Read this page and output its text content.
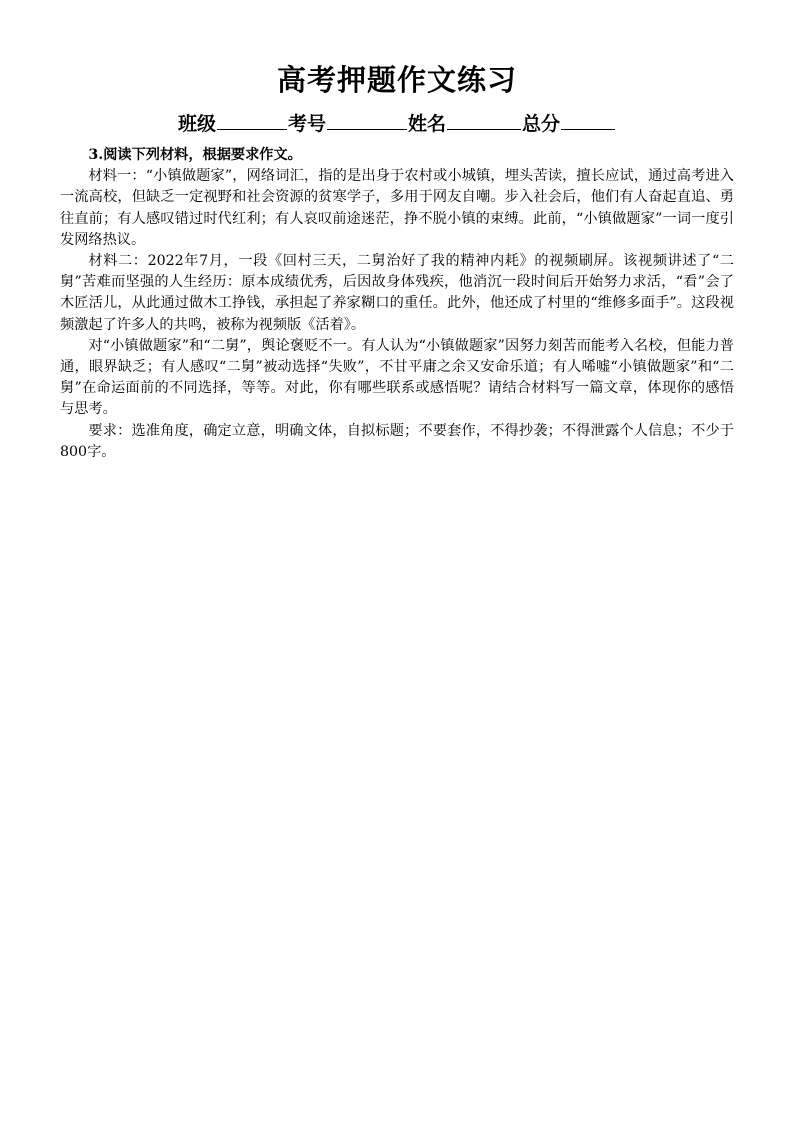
高考押题作文练习
班级	考号	姓名	总分

3.阅读下列材料，根据要求作文。

材料一：“小镇做题家”，网络词汇，指的是出身于农村或小城镇，埋头苦读，擅长应试，通过高考进入一流高校，但缺乏一定视野和社会资源的贫寒学子，多用于网友自嘲。步入社会后，他们有人奋起直追、勇往直前；有人感叹错过时代红利；有人哀叹前途迷茫，挣不脱小镇的束缚。此前，“小镇做题家”一词一度引发网络热议。

材料二：2022年7月，一段《回村三天，二舅治好了我的精神内耗》的视频刷屏。该视频讲述了“二舅”苦难而坚强的人生经历：原本成绩优秀，后因故身体残疾，他消沉一段时间后开始努力求活，“看”会了木匠活儿，从此通过做木工挣钱，承担起了养家糊口的重任。此外，他还成了村里的“维修多面手”。这段视频激起了许多人的共鸣，被称为视频版《活着》。

对“小镇做题家”和“二舅”，舆论褒贬不一。有人认为“小镇做题家”因努力刻苦而能考入名校，但能力普通，眼界缺乏；有人感叹“二舅”被动选择“失败”，不甘平庸之余又安命乐道；有人唏嘘“小镇做题家”和“二舅”在命运面前的不同选择，等等。对此，你有哪些联系或感悟呢？请结合材料写一篇文章，体现你的感悟与思考。

要求：选准角度，确定立意，明确文体，自拟标题；不要套作，不得抄袭；不得泄露个人信息；不少于800字。
